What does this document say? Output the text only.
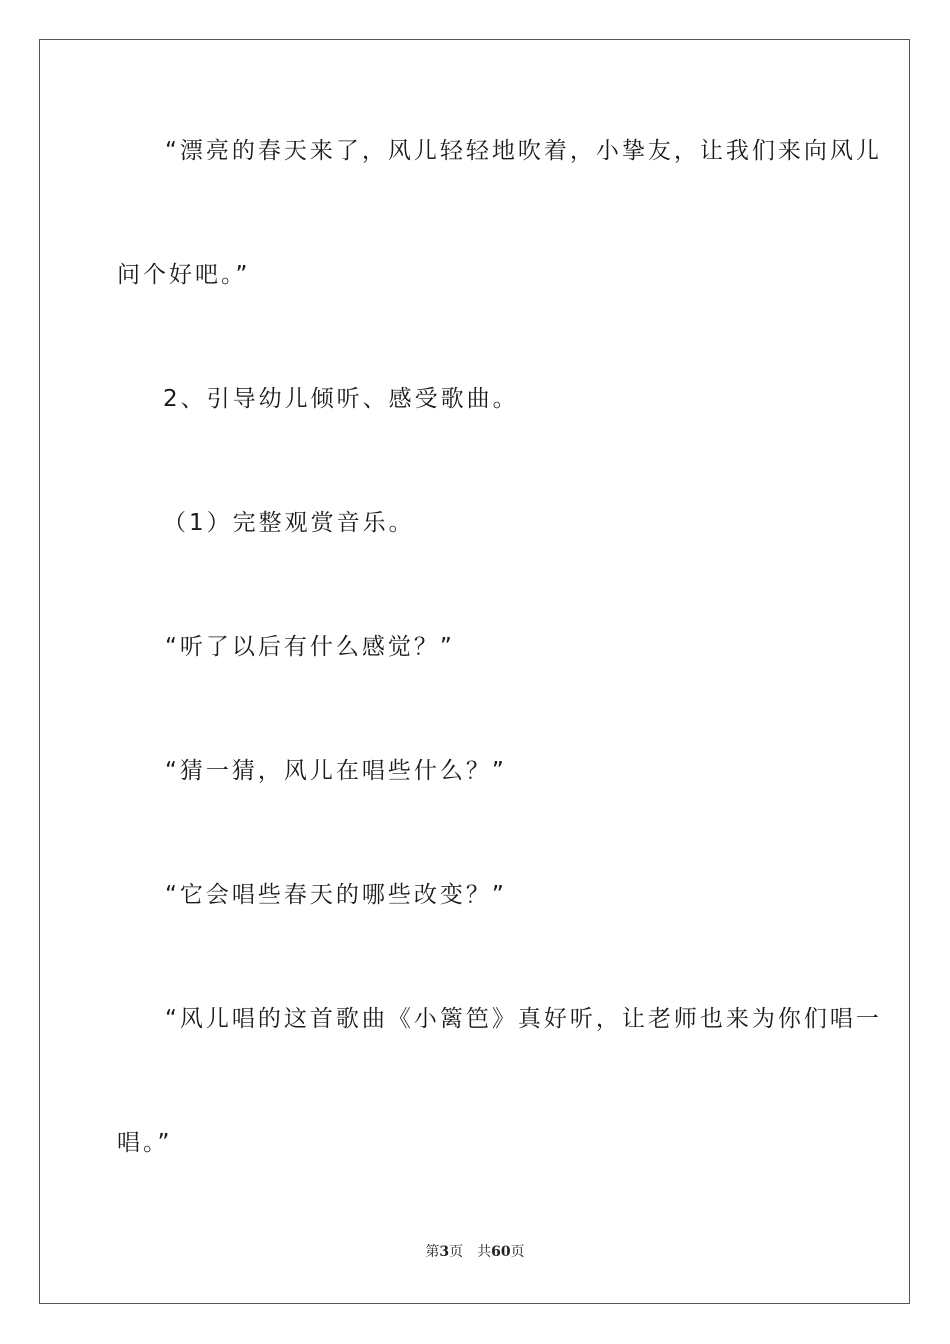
“漂亮的春天来了，风儿轻轻地吹着，小挚友，让我们来向风儿
问个好吧。”
2、引导幼儿倾听、感受歌曲。
（1）完整观赏音乐。
“听了以后有什么感觉？”
“猜一猜，风儿在唱些什么？”
“它会唱些春天的哪些改变？”
“风儿唱的这首歌曲《小篱笆》真好听，让老师也来为你们唱一
唱。”
第3页 共60页
